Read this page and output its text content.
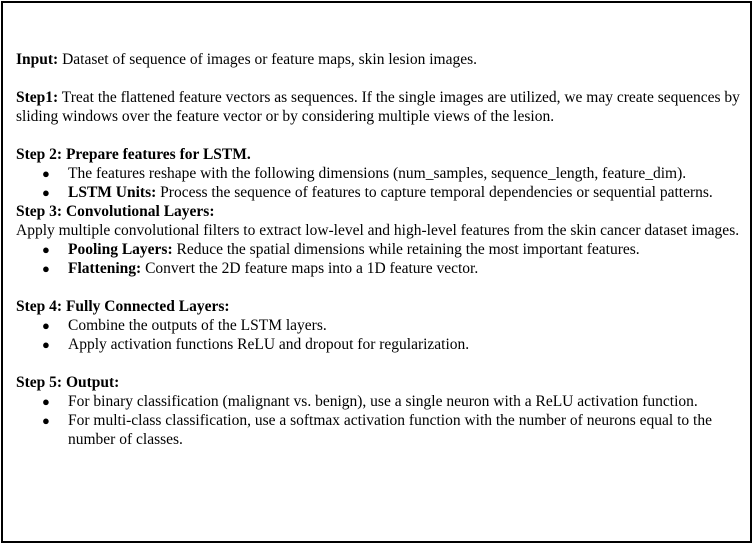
Input: Dataset of sequence of images or feature maps, skin lesion images.

Step1: Treat the flattened feature vectors as sequences. If the single images are utilized, we may create sequences by sliding windows over the feature vector or by considering multiple views of the lesion.

Step 2: Prepare features for LSTM.

● The features reshape with the following dimensions (num_samples, sequence_length, feature_dim).
● LSTM Units: Process the sequence of features to capture temporal dependencies or sequential patterns.

Step 3: Convolutional Layers:

Apply multiple convolutional filters to extract low-level and high-level features from the skin cancer dataset images.

● Pooling Layers: Reduce the spatial dimensions while retaining the most important features.
● Flattening: Convert the 2D feature maps into a 1D feature vector.

Step 4: Fully Connected Layers:

● Combine the outputs of the LSTM layers.
● Apply activation functions ReLU and dropout for regularization.

Step 5: Output:

● For binary classification (malignant vs. benign), use a single neuron with a ReLU activation function.
● For multi-class classification, use a softmax activation function with the number of neurons equal to the number of classes.
